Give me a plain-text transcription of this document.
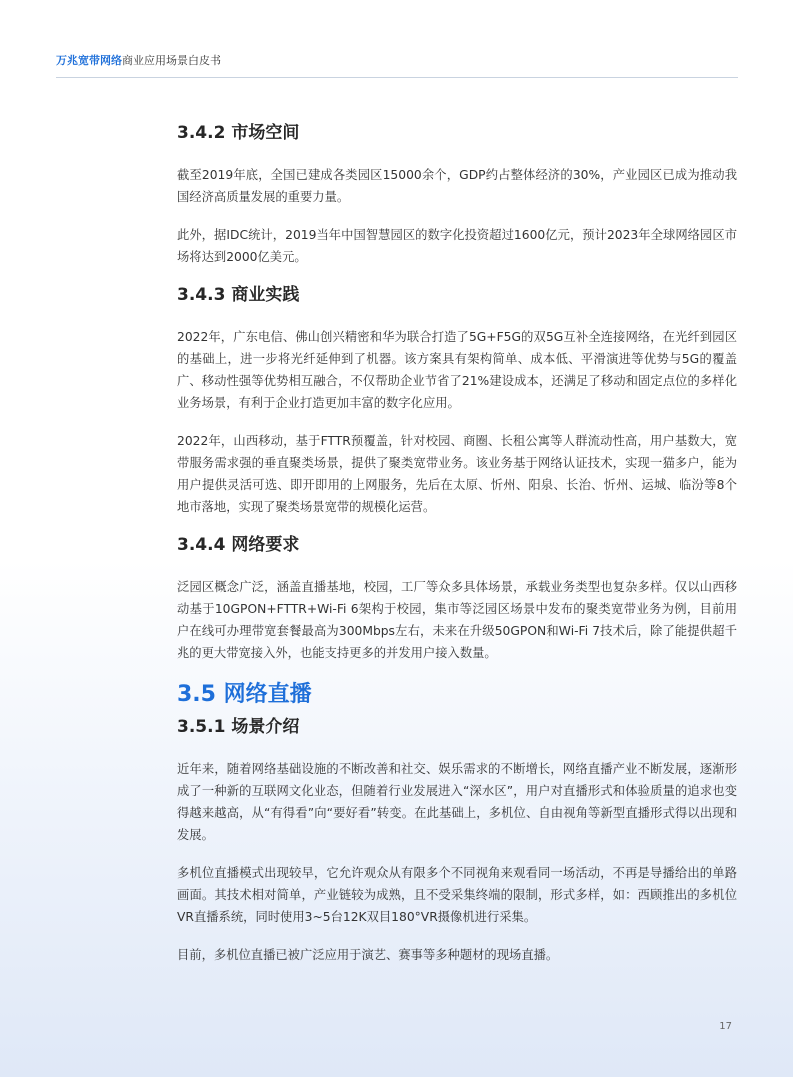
万兆宽带网络商业应用场景白皮书
3.4.2 市场空间

截至2019年底，全国已建成各类园区15000余个，GDP约占整体经济的30%，产业园区已成为推动我国经济高质量发展的重要力量。

此外，据IDC统计，2019当年中国智慧园区的数字化投资超过1600亿元，预计2023年全球网络园区市场将达到2000亿美元。

3.4.3 商业实践

2022年，广东电信、佛山创兴精密和华为联合打造了5G+F5G的双5G互补全连接网络，在光纤到园区的基础上，进一步将光纤延伸到了机器。该方案具有架构简单、成本低、平滑演进等优势与5G的覆盖广、移动性强等优势相互融合，不仅帮助企业节省了21%建设成本，还满足了移动和固定点位的多样化业务场景，有利于企业打造更加丰富的数字化应用。

2022年，山西移动，基于FTTR预覆盖，针对校园、商圈、长租公寓等人群流动性高，用户基数大，宽带服务需求强的垂直聚类场景，提供了聚类宽带业务。该业务基于网络认证技术，实现一猫多户，能为用户提供灵活可选、即开即用的上网服务，先后在太原、忻州、阳泉、长治、忻州、运城、临汾等8个地市落地，实现了聚类场景宽带的规模化运营。

3.4.4 网络要求

泛园区概念广泛，涵盖直播基地，校园，工厂等众多具体场景，承载业务类型也复杂多样。仅以山西移动基于10GPON+FTTR+Wi-Fi 6架构于校园，集市等泛园区场景中发布的聚类宽带业务为例，目前用户在线可办理带宽套餐最高为300Mbps左右，未来在升级50GPON和Wi-Fi 7技术后，除了能提供超千兆的更大带宽接入外，也能支持更多的并发用户接入数量。

3.5 网络直播
3.5.1 场景介绍

近年来，随着网络基础设施的不断改善和社交、娱乐需求的不断增长，网络直播产业不断发展，逐渐形成了一种新的互联网文化业态，但随着行业发展进入“深水区”，用户对直播形式和体验质量的追求也变得越来越高，从“有得看”向“要好看”转变。在此基础上，多机位、自由视角等新型直播形式得以出现和发展。

多机位直播模式出现较早，它允许观众从有限多个不同视角来观看同一场活动，不再是导播给出的单路画面。其技术相对简单，产业链较为成熟，且不受采集终端的限制，形式多样，如：西顾推出的多机位VR直播系统，同时使用3~5台12K双目180°VR摄像机进行采集。

目前，多机位直播已被广泛应用于演艺、赛事等多种题材的现场直播。

17
